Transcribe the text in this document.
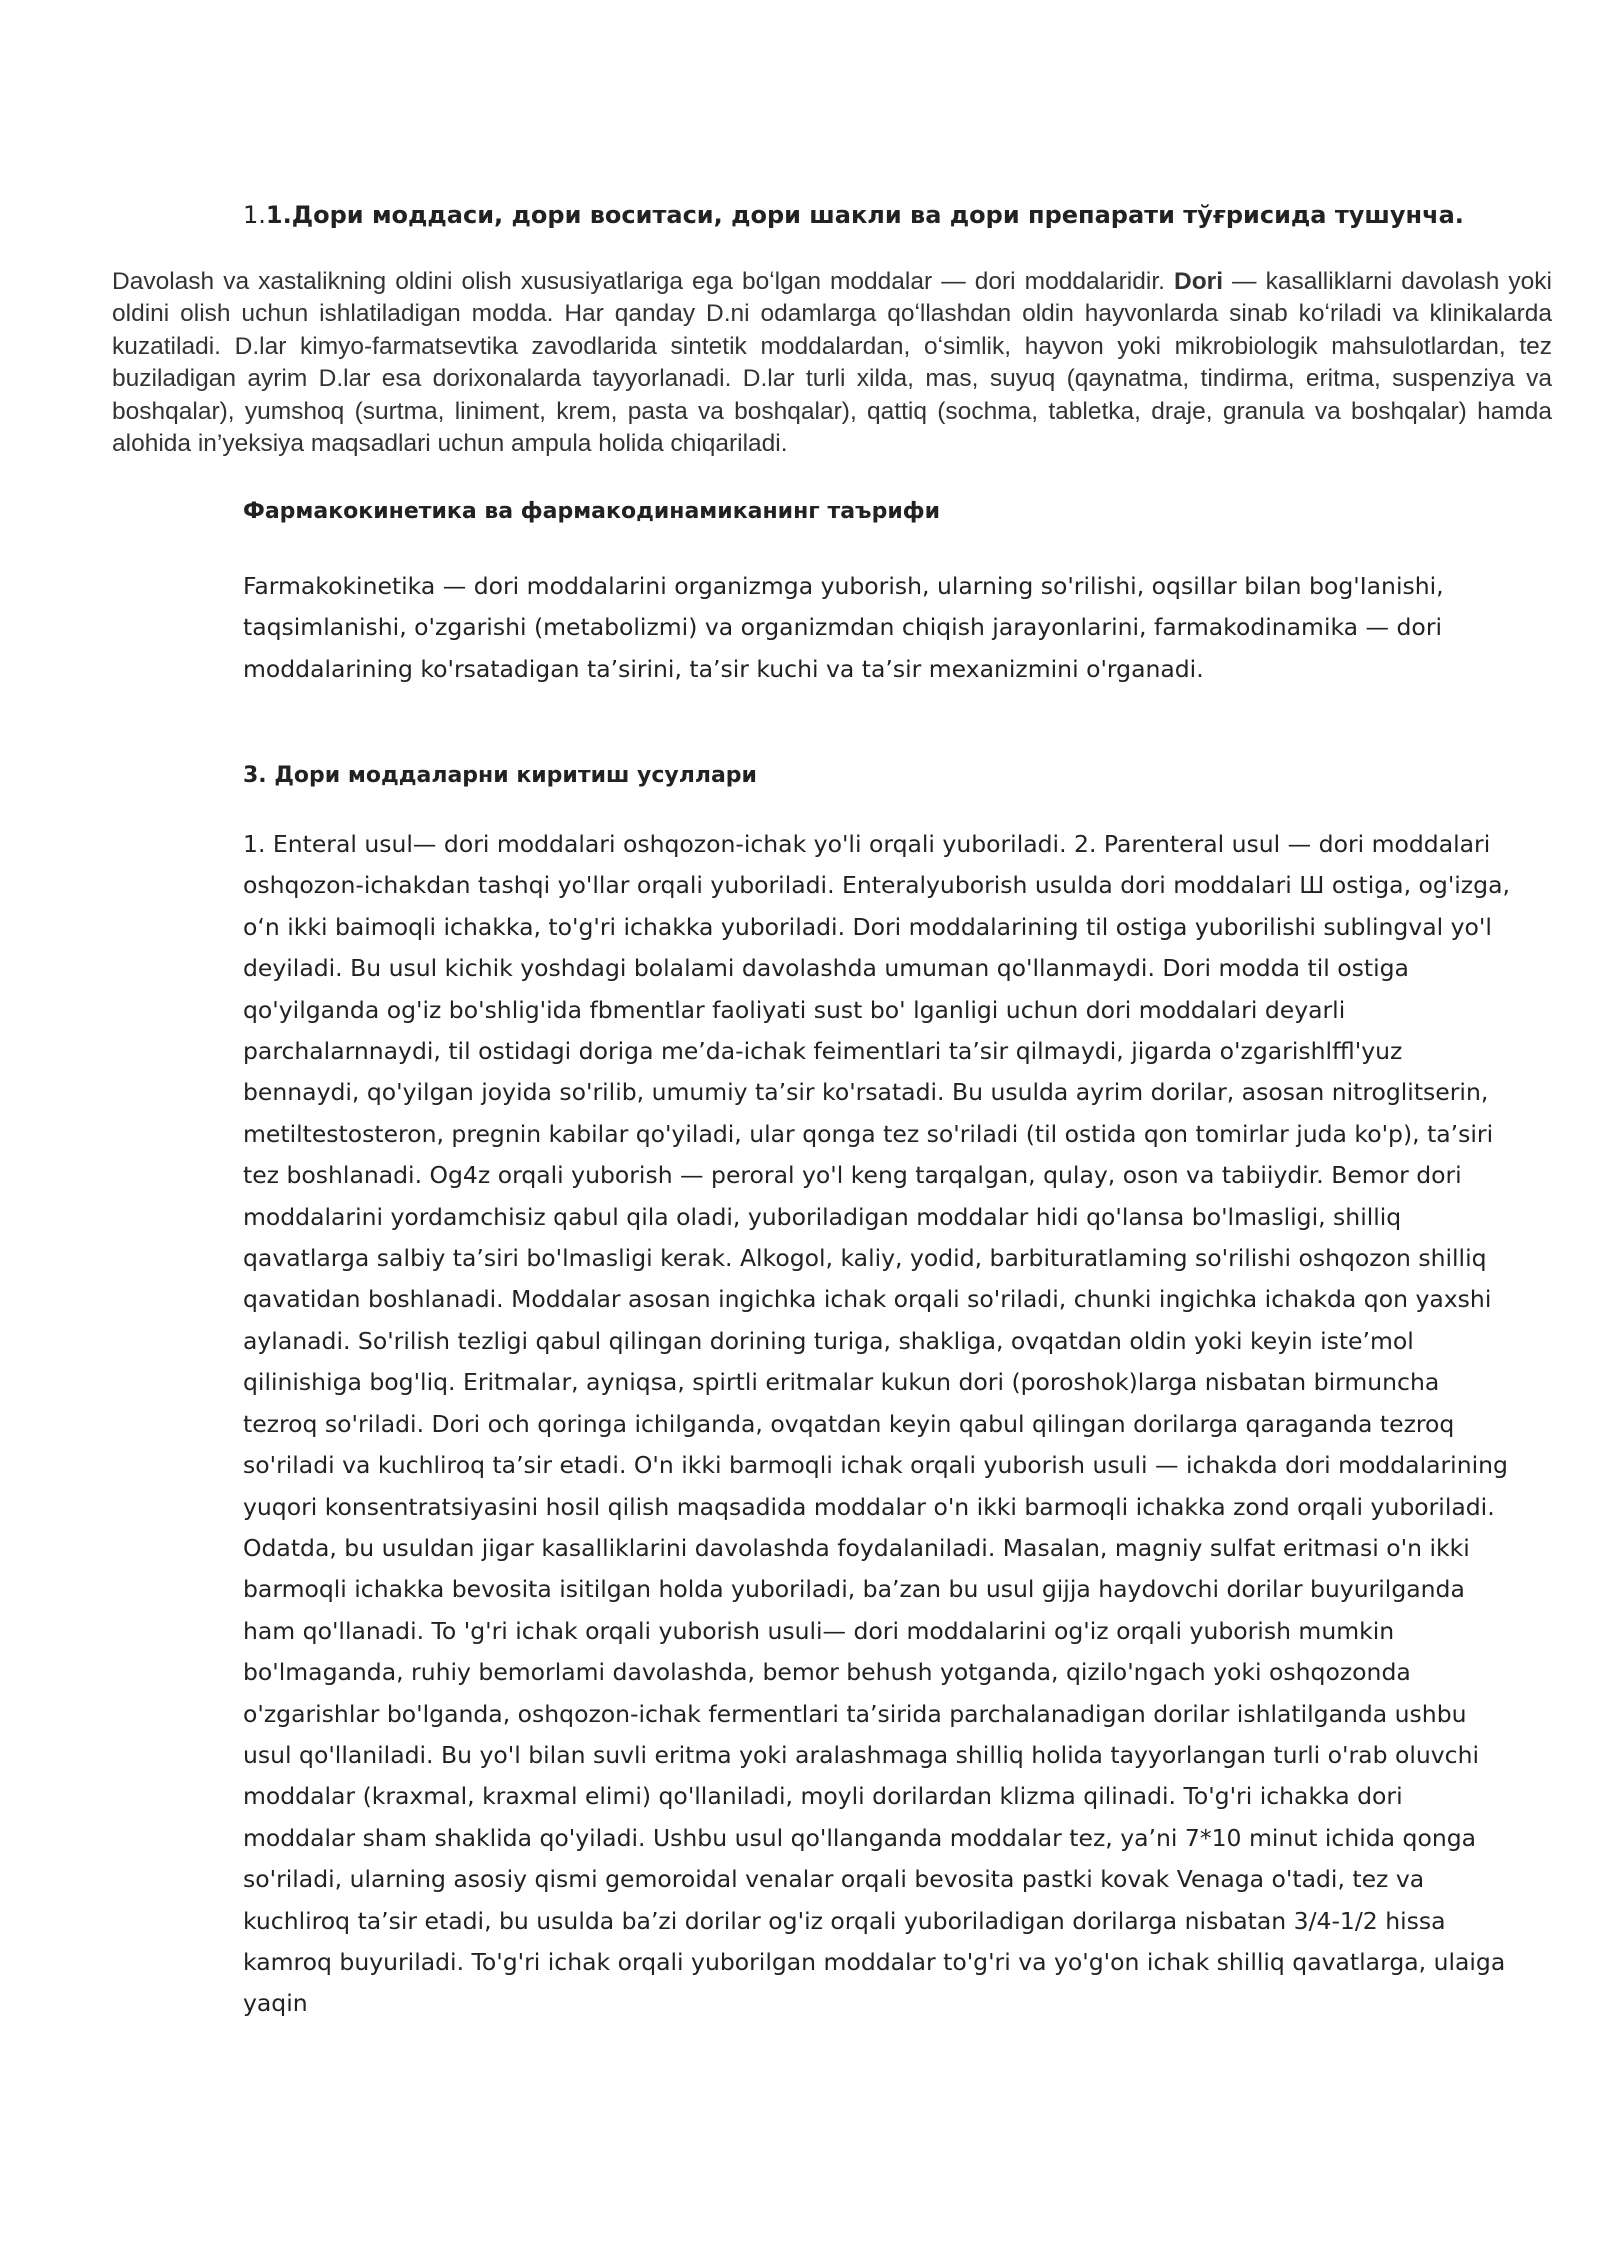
1.1.Дори моддаси, дори воситаси, дори шакли ва дори препарати тўғрисида тушунча.

Davolash va xastalikning oldini olish xususiyatlariga ega boʻlgan moddalar — dori moddalaridir. Dori — kasalliklarni davolash yoki oldini olish uchun ishlatiladigan modda. Har qanday D.ni odamlarga qoʻllashdan oldin hayvonlarda sinab koʻriladi va klinikalarda kuzatiladi. D.lar kimyo-farmatsevtika zavodlarida sintetik moddalardan, oʻsimlik, hayvon yoki mikrobiologik mahsulotlardan, tez buziladigan ayrim D.lar esa dorixonalarda tayyorlanadi. D.lar turli xilda, mas, suyuq (qaynatma, tindirma, eritma, suspenziya va boshqalar), yumshoq (surtma, liniment, krem, pasta va boshqalar), qattiq (sochma, tabletka, draje, granula va boshqalar) hamda alohida in’yeksiya maqsadlari uchun ampula holida chiqariladi.

Фармакокинетика ва фармакодинамиканинг таърифи

Farmakokinetika — dori moddalarini organizmga yuborish, ularning so'rilishi, oqsillar bilan bog'Ianishi, taqsimlanishi, o'zgarishi (metabolizmi) va organizmdan chiqish jarayonlarini, farmakodinamika — dori moddalarining ko'rsatadigan ta’sirini, ta’sir kuchi va ta’sir mexanizmini o'rganadi.

3. Дори моддаларни киритиш усуллари

1. Enteral usul— dori moddalari oshqozon-ichak yo'li orqali yuboriladi. 2. Parenteral usul — dori moddalari oshqozon-ichakdan tashqi yo'llar orqali yuboriladi. Enteralyuborish usulda dori moddalari Ш ostiga, og'izga, oʻn ikki baimoqli ichakka, to'g'ri ichakka yuboriladi. Dori moddalarining til ostiga yuborilishi sublingval yo'l deyiladi. Bu usul kichik yoshdagi bolalami davolashda umuman qo'llanmaydi. Dori modda til ostiga qo'yilganda og'iz bo'shlig'ida fbmentlar faoliyati sust bo' lganligi uchun dori moddalari deyarli parchalarnnaydi, til ostidagi doriga me’da-ichak feimentlari ta’sir qilmaydi, jigarda o'zgarishlffl'yuz bennaydi, qo'yilgan joyida so'rilib, umumiy ta’sir ko'rsatadi. Bu usulda ayrim dorilar, asosan nitroglitserin, metiltestosteron, pregnin kabilar qo'yiladi, ular qonga tez so'riladi (til ostida qon tomirlar juda ko'p), ta’siri tez boshlanadi. Og4z orqali yuborish — peroral yo'l keng tarqalgan, qulay, oson va tabiiydir. Bemor dori moddalarini yordamchisiz qabul qila oladi, yuboriladigan moddalar hidi qo'lansa bo'lmasligi, shilliq qavatlarga salbiy ta’siri bo'lmasligi kerak. Alkogol, kaliy, yodid, barbituratlaming so'rilishi oshqozon shilliq qavatidan boshlanadi. Moddalar asosan ingichka ichak orqali so'riladi, chunki ingichka ichakda qon yaxshi aylanadi. So'rilish tezligi qabul qilingan dorining turiga, shakliga, ovqatdan oldin yoki keyin iste’mol qilinishiga bog'liq. Eritmalar, ayniqsa, spirtli eritmalar kukun dori (poroshok)larga nisbatan birmuncha tezroq so'riladi. Dori och qoringa ichilganda, ovqatdan keyin qabul qilingan dorilarga qaraganda tezroq so'riladi va kuchliroq ta’sir etadi. O'n ikki barmoqli ichak orqali yuborish usuli — ichakda dori moddalarining yuqori konsentratsiyasini hosil qilish maqsadida moddalar o'n ikki barmoqli ichakka zond orqali yuboriladi. Odatda, bu usuldan jigar kasalliklarini davolashda foydalaniladi. Masalan, magniy sulfat eritmasi o'n ikki barmoqli ichakka bevosita isitilgan holda yuboriladi, ba’zan bu usul gijja haydovchi dorilar buyurilganda ham qo'llanadi. To 'g'ri ichak orqali yuborish usuli— dori moddalarini og'iz orqali yuborish mumkin bo'lmaganda, ruhiy bemorlami davolashda, bemor behush yotganda, qizilo'ngach yoki oshqozonda o'zgarishlar bo'lganda, oshqozon-ichak fermentlari ta’sirida parchalanadigan dorilar ishlatilganda ushbu usul qo'llaniladi. Bu yo'l bilan suvli eritma yoki aralashmaga shilliq holida tayyorlangan turli o'rab oluvchi moddalar (kraxmal, kraxmal elimi) qo'llaniladi, moyli dorilardan klizma qilinadi. To'g'ri ichakka dori moddalar sham shaklida qo'yiladi. Ushbu usul qo'llanganda moddalar tez, ya’ni 7*10 minut ichida qonga so'riladi, ularning asosiy qismi gemoroidal venalar orqali bevosita pastki kovak Venaga o'tadi, tez va kuchliroq ta’sir etadi, bu usulda ba’zi dorilar og'iz orqali yuboriladigan dorilarga nisbatan 3/4-1/2 hissa kamroq buyuriladi. To'g'ri ichak orqali yuborilgan moddalar to'g'ri va yo'g'on ichak shilliq qavatlarga, ulaiga yaqin
